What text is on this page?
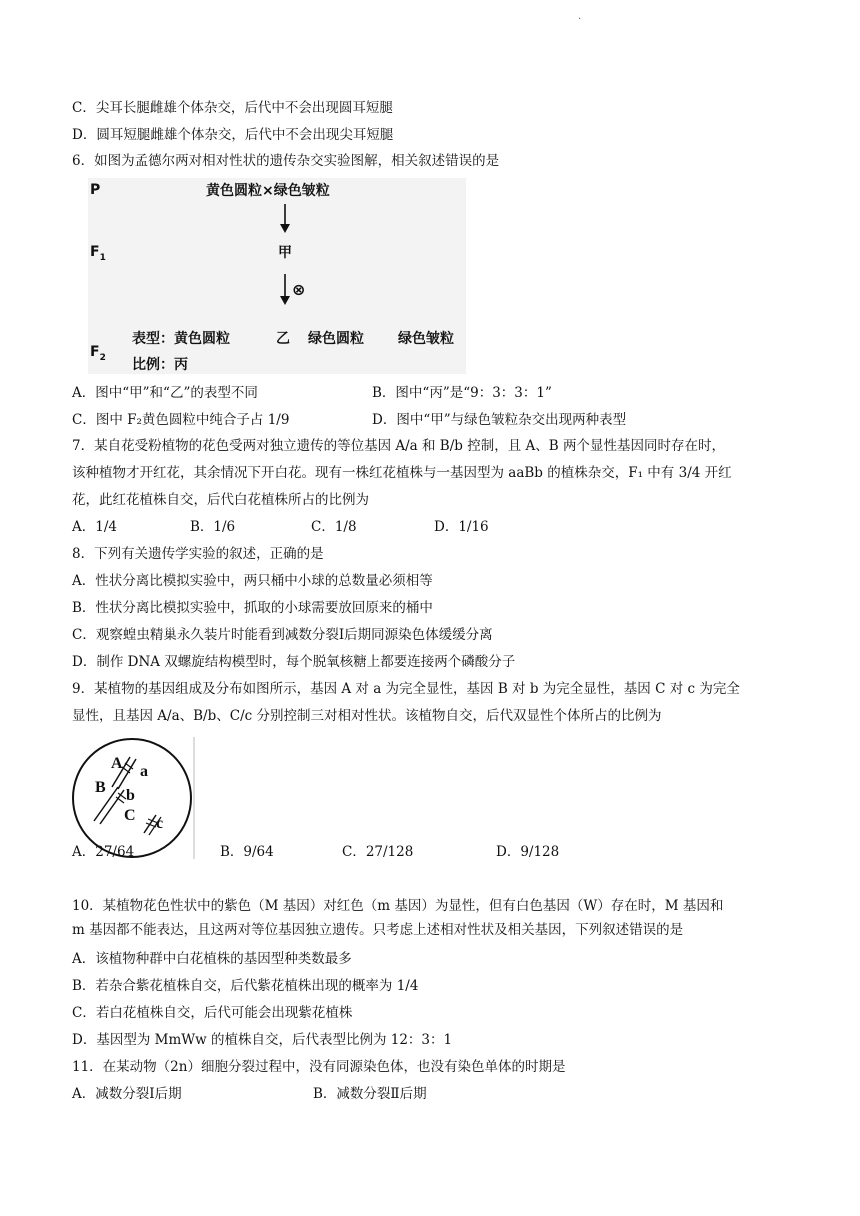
·
C．尖耳长腿雌雄个体杂交，后代中不会出现圆耳短腿
D．圆耳短腿雌雄个体杂交，后代中不会出现尖耳短腿
6．如图为孟德尔两对相对性状的遗传杂交实验图解，相关叙述错误的是
P	黄色圆粒×绿色皱粒
$F_1$	甲
⊗
表型：黄色圆粒	乙 绿色圆粒 绿色皱粒
$F_2$ 比例：丙
A．图中“甲”和“乙”的表型不同	B．图中“丙”是“9：3：3：1”
C．图中 F₂黄色圆粒中纯合子占 1/9	D．图中“甲”与绿色皱粒杂交出现两种表型
7．某自花受粉植物的花色受两对独立遗传的等位基因 A/a 和 B/b 控制，且 A、B 两个显性基因同时存在时，
该种植物才开红花，其余情况下开白花。现有一株红花植株与一基因型为 aaBb 的植株杂交，F₁ 中有 3/4 开红
花，此红花植株自交，后代白花植株所占的比例为
A．1/4	B．1/6	C．1/8	D．1/16
8．下列有关遗传学实验的叙述，正确的是
A．性状分离比模拟实验中，两只桶中小球的总数量必须相等
B．性状分离比模拟实验中，抓取的小球需要放回原来的桶中
C．观察蝗虫精巢永久装片时能看到减数分裂Ⅰ后期同源染色体缓缓分离
D．制作 DNA 双螺旋结构模型时，每个脱氧核糖上都要连接两个磷酸分子
9．某植物的基因组成及分布如图所示，基因 A 对 a 为完全显性，基因 B 对 b 为完全显性，基因 C 对 c 为完全
显性，且基因 A/a、B/b、C/c 分别控制三对相对性状。该植物自交，后代双显性个体所占的比例为
A a
B b
C c
A．27/64	B．9/64	C．27/128	D．9/128
10．某植物花色性状中的紫色（M 基因）对红色（m 基因）为显性，但有白色基因（W）存在时，M 基因和
m 基因都不能表达，且这两对等位基因独立遗传。只考虑上述相对性状及相关基因，下列叙述错误的是
A．该植物种群中白花植株的基因型种类数最多
B．若杂合紫花植株自交，后代紫花植株出现的概率为 1/4
C．若白花植株自交，后代可能会出现紫花植株
D．基因型为 MmWw 的植株自交，后代表型比例为 12：3：1
11．在某动物（2n）细胞分裂过程中，没有同源染色体，也没有染色单体的时期是
A．减数分裂Ⅰ后期	B．减数分裂Ⅱ后期
